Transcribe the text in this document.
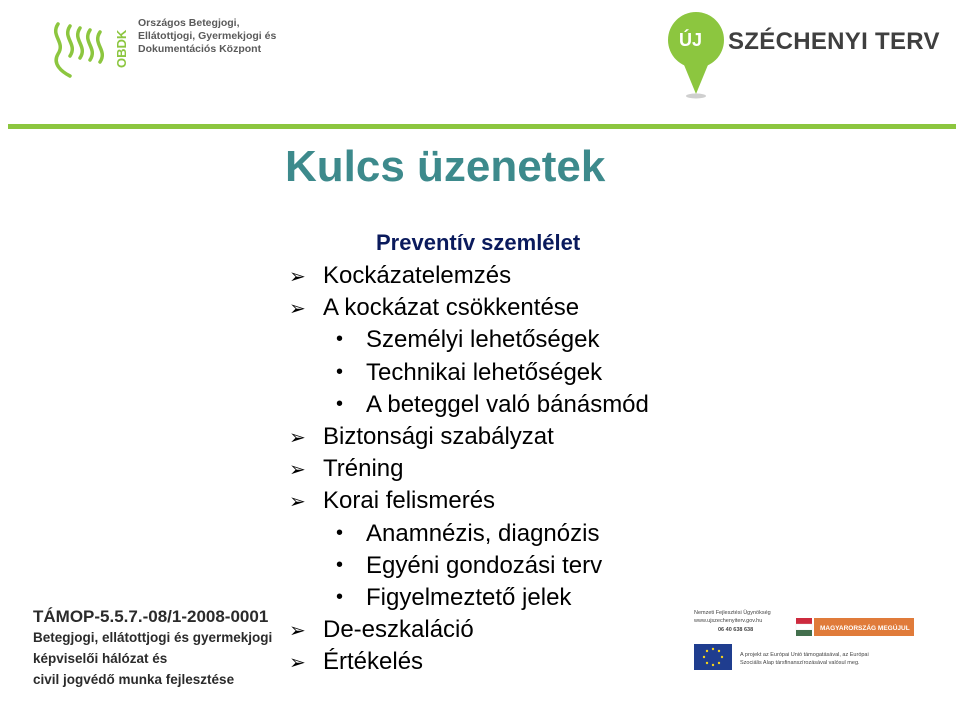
OBDK
Országos Betegjogi,
Ellátottjogi, Gyermekjogi és
Dokumentációs Központ	ÚJ SZÉCHENYI TERV
Kulcs üzenetek
Preventív szemlélet
➢ Kockázatelemzés
➢ A kockázat csökkentése
• Személyi lehetőségek
• Technikai lehetőségek
• A beteggel való bánásmód
➢ Biztonsági szabályzat
➢ Tréning
➢ Korai felismerés
• Anamnézis, diagnózis
• Egyéni gondozási terv
• Figyelmeztető jelek
➢ De-eszkaláció
➢ Értékelés
TÁMOP-5.5.7.-08/1-2008-0001
Betegjogi, ellátottjogi és gyermekjogi
képviselői hálózat és
civil jogvédő munka fejlesztése
Nemzeti Fejlesztési Ügynökség
www.ujszechenyiterv.gov.hu
06 40 638 638	MAGYARORSZÁG MEGÚJUL
A projekt az Európai Unió támogatásával, az Európai
Szociális Alap társfinanszírozásával valósul meg.
